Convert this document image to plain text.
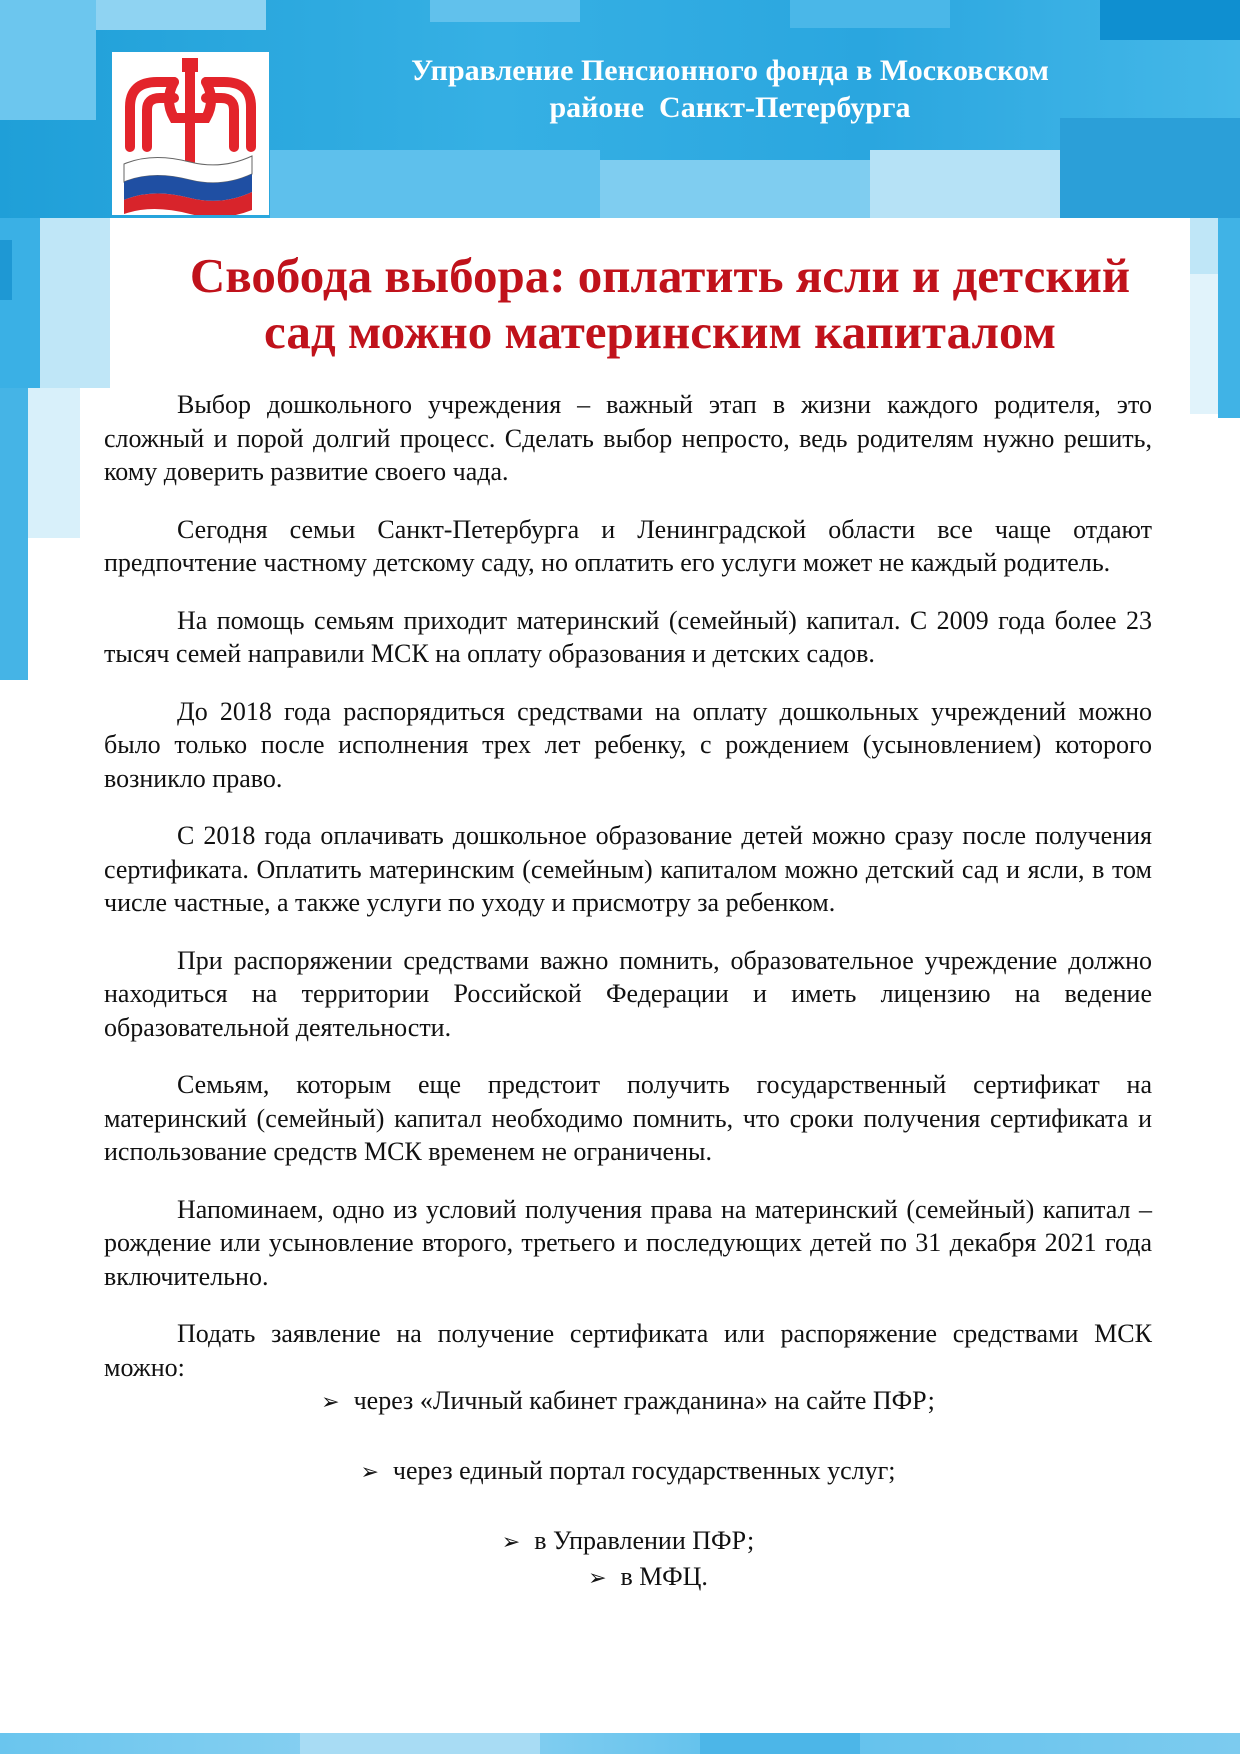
Управление Пенсионного фонда в Московском
районе  Санкт-Петербурга
Свобода выбора: оплатить ясли и детский
сад можно материнским капиталом

Выбор дошкольного учреждения – важный этап в жизни каждого родителя, это сложный и порой долгий процесс. Сделать выбор непросто, ведь родителям нужно решить, кому доверить развитие своего чада.

Сегодня семьи Санкт-Петербурга и Ленинградской области все чаще отдают предпочтение частному детскому саду, но оплатить его услуги может не каждый родитель.

На помощь семьям приходит материнский (семейный) капитал. С 2009 года более 23 тысяч семей направили МСК на оплату образования и детских садов.

До 2018 года распорядиться средствами на оплату дошкольных учреждений можно было только после исполнения трех лет ребенку, с рождением (усыновлением) которого возникло право.

С 2018 года оплачивать дошкольное образование детей можно сразу после получения сертификата. Оплатить материнским (семейным) капиталом можно детский сад и ясли, в том числе частные, а также услуги по уходу и присмотру за ребенком.

При распоряжении средствами важно помнить, образовательное учреждение должно находиться на территории Российской Федерации и иметь лицензию на ведение образовательной деятельности.

Семьям, которым еще предстоит получить государственный сертификат на материнский (семейный) капитал необходимо помнить, что сроки получения сертификата и использование средств МСК временем не ограничены.

Напоминаем, одно из условий получения права на материнский (семейный) капитал – рождение или усыновление второго, третьего и последующих детей по 31 декабря 2021 года включительно.

Подать заявление на получение сертификата или распоряжение средствами МСК можно:

➢ через «Личный кабинет гражданина» на сайте ПФР;
➢ через единый портал государственных услуг;
➢ в Управлении ПФР;
➢ в МФЦ.
